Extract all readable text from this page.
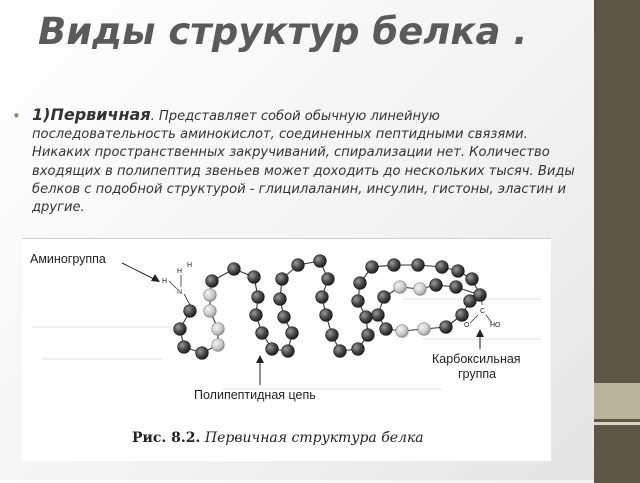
Виды структур белка .
• 1)Первичная. Представляет собой обычную линейную последовательность аминокислот, соединенных пептидными связями. Никаких пространственных закручиваний, спирализации нет. Количество входящих в полипептид звеньев может доходить до нескольких тысяч. Виды белков с подобной структурой - глицилаланин, инсулин, гистоны, эластин и другие.
H
H
H
N
C
O
O
HO
Аминогруппа
Карбоксильная
группа
Полипептидная цепь
Рис. 8.2. Первичная структура белка
